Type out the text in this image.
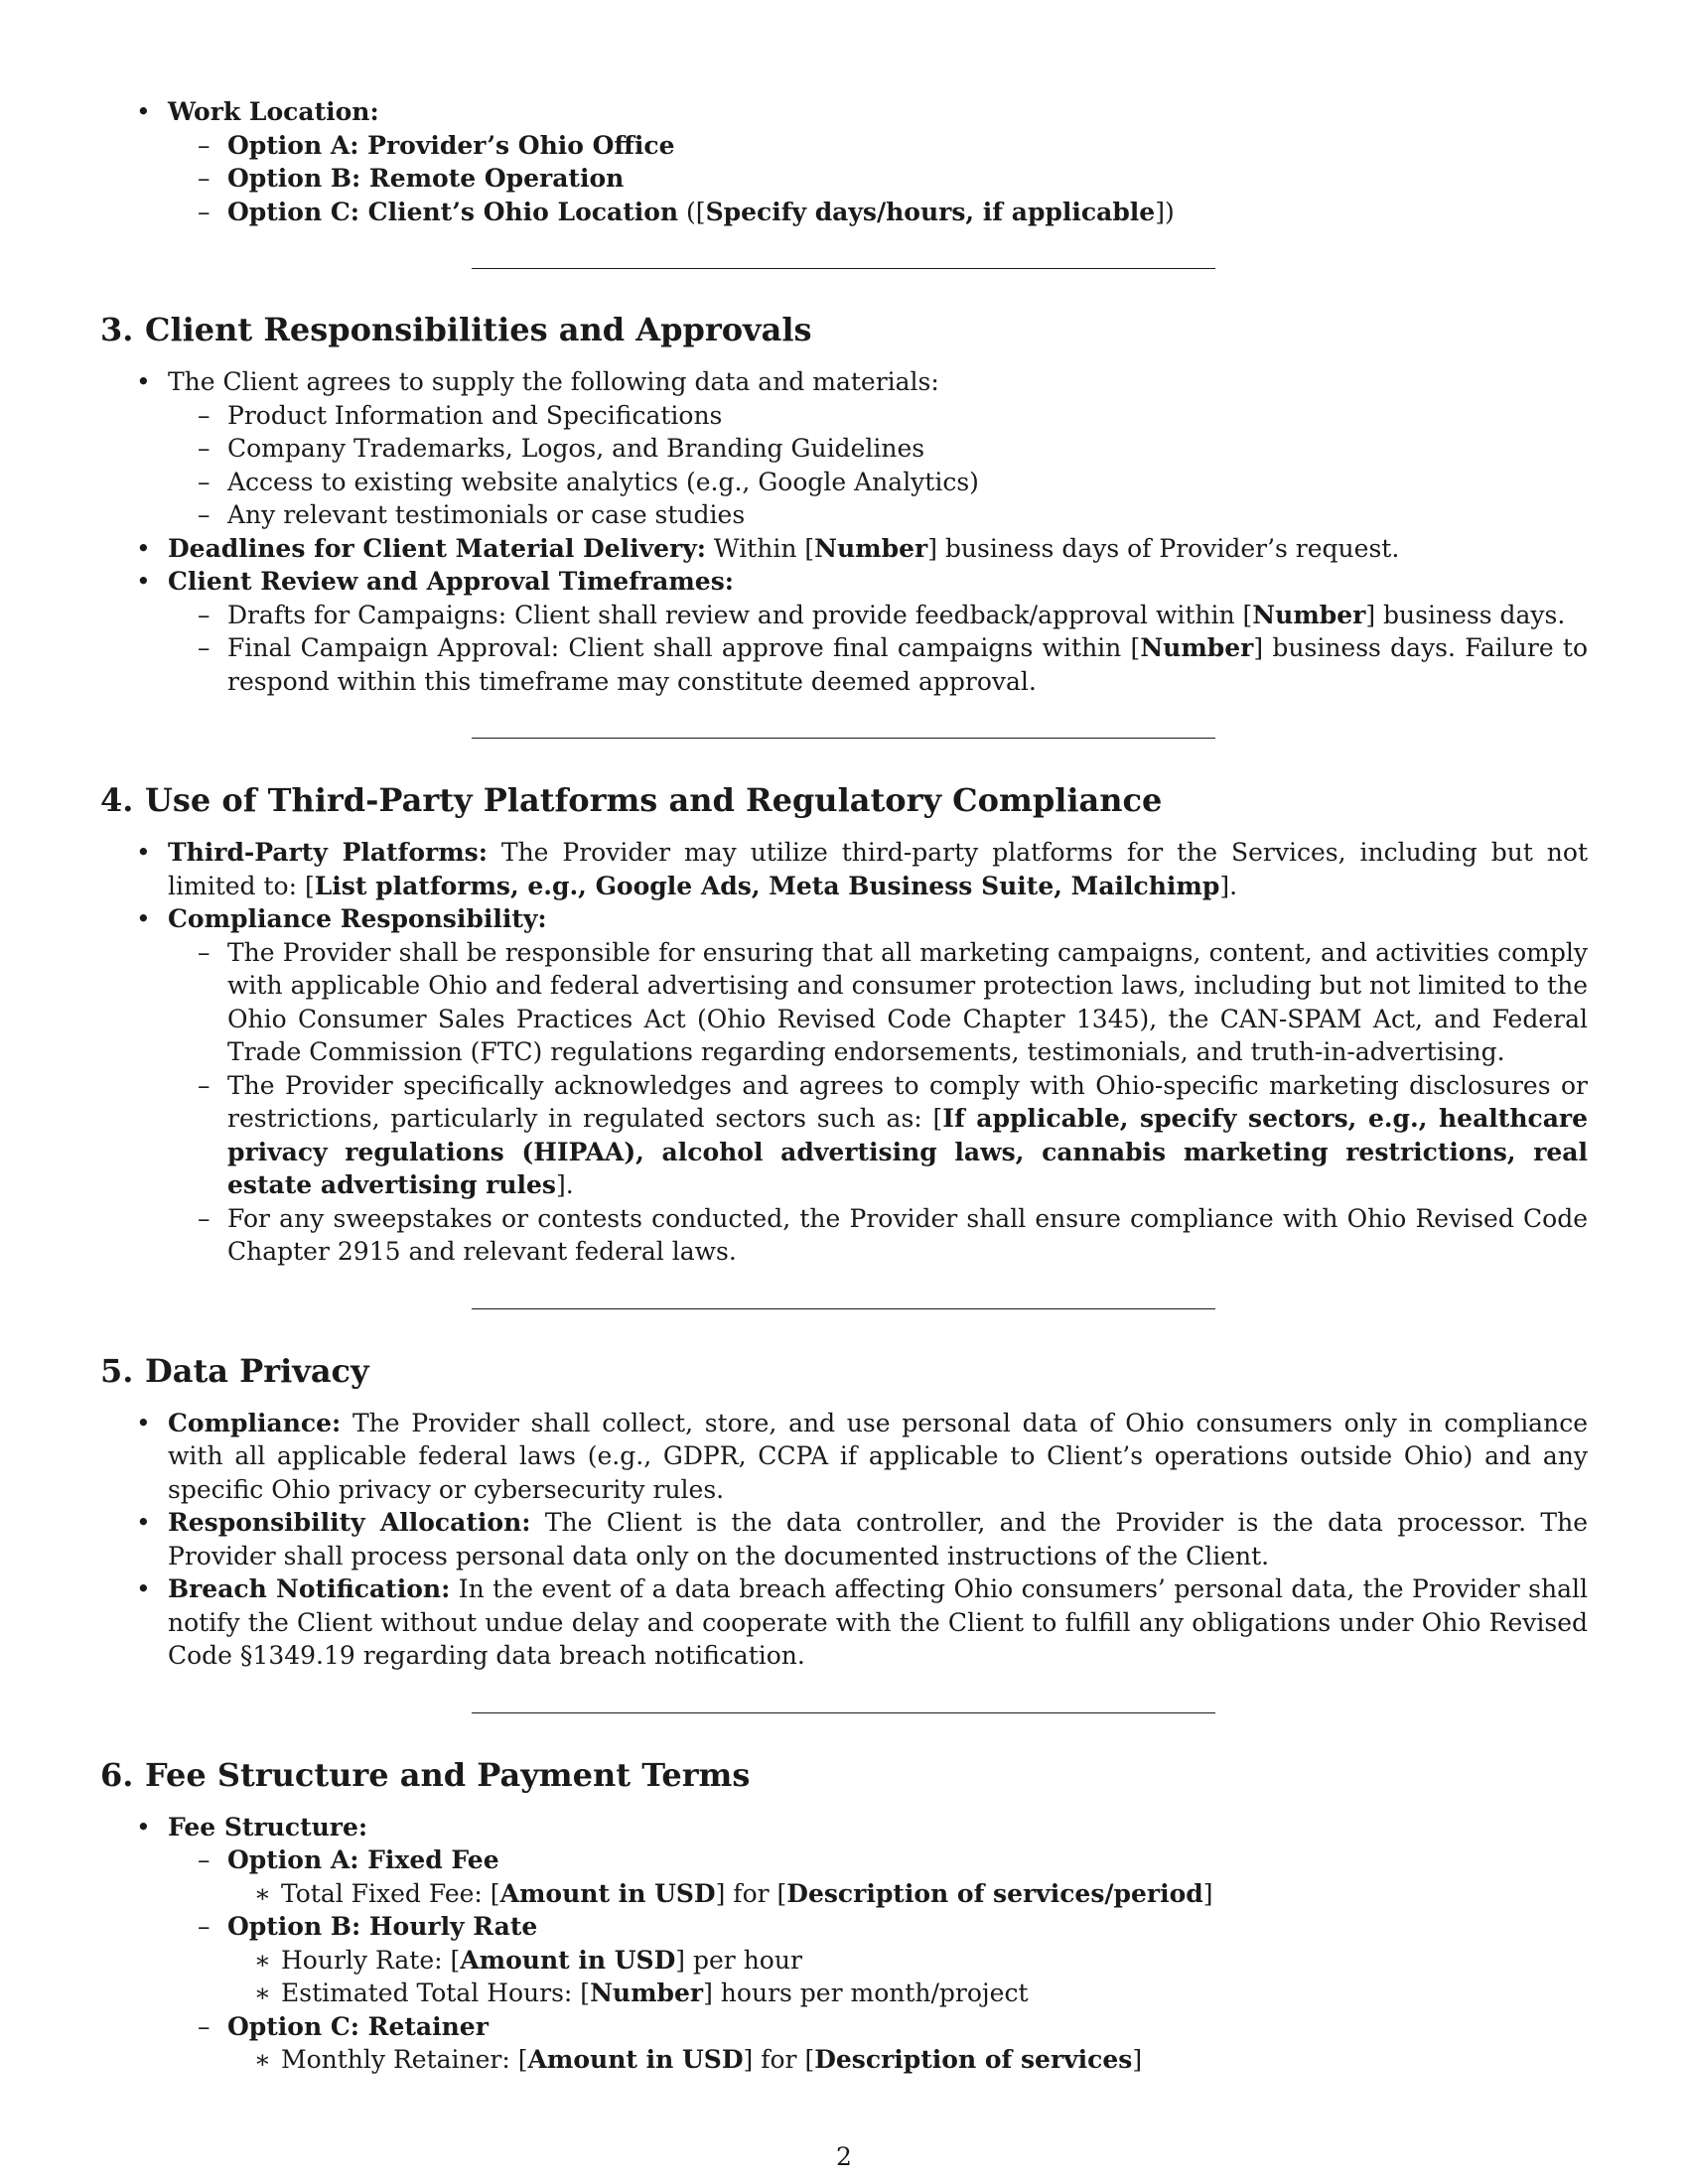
• Work Location:

– Option A: Provider’s Ohio Office

– Option B: Remote Operation

– Option C: Client’s Ohio Location ([Specify days/hours, if applicable])

3. Client Responsibilities and Approvals

• The Client agrees to supply the following data and materials:

– Product Information and Specifications

– Company Trademarks, Logos, and Branding Guidelines

– Access to existing website analytics (e.g., Google Analytics)

– Any relevant testimonials or case studies

• Deadlines for Client Material Delivery: Within [Number] business days of Provider’s request.

• Client Review and Approval Timeframes:

– Drafts for Campaigns: Client shall review and provide feedback/approval within [Number] business days.

– Final Campaign Approval: Client shall approve final campaigns within [Number] business days. Failure to respond within this timeframe may constitute deemed approval.

4. Use of Third-Party Platforms and Regulatory Compliance

• Third-Party Platforms: The Provider may utilize third-party platforms for the Services, including but not limited to: [List platforms, e.g., Google Ads, Meta Business Suite, Mailchimp].

• Compliance Responsibility:

– The Provider shall be responsible for ensuring that all marketing campaigns, content, and activities comply with applicable Ohio and federal advertising and consumer protection laws, including but not limited to the Ohio Consumer Sales Practices Act (Ohio Revised Code Chapter 1345), the CAN-SPAM Act, and Federal Trade Commission (FTC) regulations regarding endorsements, testimonials, and truth-in-advertising.

– The Provider specifically acknowledges and agrees to comply with Ohio-specific marketing disclosures or restrictions, particularly in regulated sectors such as: [If applicable, specify sectors, e.g., healthcare privacy regulations (HIPAA), alcohol advertising laws, cannabis marketing restrictions, real estate advertising rules].

– For any sweepstakes or contests conducted, the Provider shall ensure compliance with Ohio Revised Code Chapter 2915 and relevant federal laws.

5. Data Privacy

• Compliance: The Provider shall collect, store, and use personal data of Ohio consumers only in compliance with all applicable federal laws (e.g., GDPR, CCPA if applicable to Client’s operations outside Ohio) and any specific Ohio privacy or cybersecurity rules.

• Responsibility Allocation: The Client is the data controller, and the Provider is the data processor. The Provider shall process personal data only on the documented instructions of the Client.

• Breach Notification: In the event of a data breach affecting Ohio consumers’ personal data, the Provider shall notify the Client without undue delay and cooperate with the Client to fulfill any obligations under Ohio Revised Code §1349.19 regarding data breach notification.

6. Fee Structure and Payment Terms

• Fee Structure:

– Option A: Fixed Fee

∗ Total Fixed Fee: [Amount in USD] for [Description of services/period]

– Option B: Hourly Rate

∗ Hourly Rate: [Amount in USD] per hour

∗ Estimated Total Hours: [Number] hours per month/project

– Option C: Retainer

∗ Monthly Retainer: [Amount in USD] for [Description of services]

2
